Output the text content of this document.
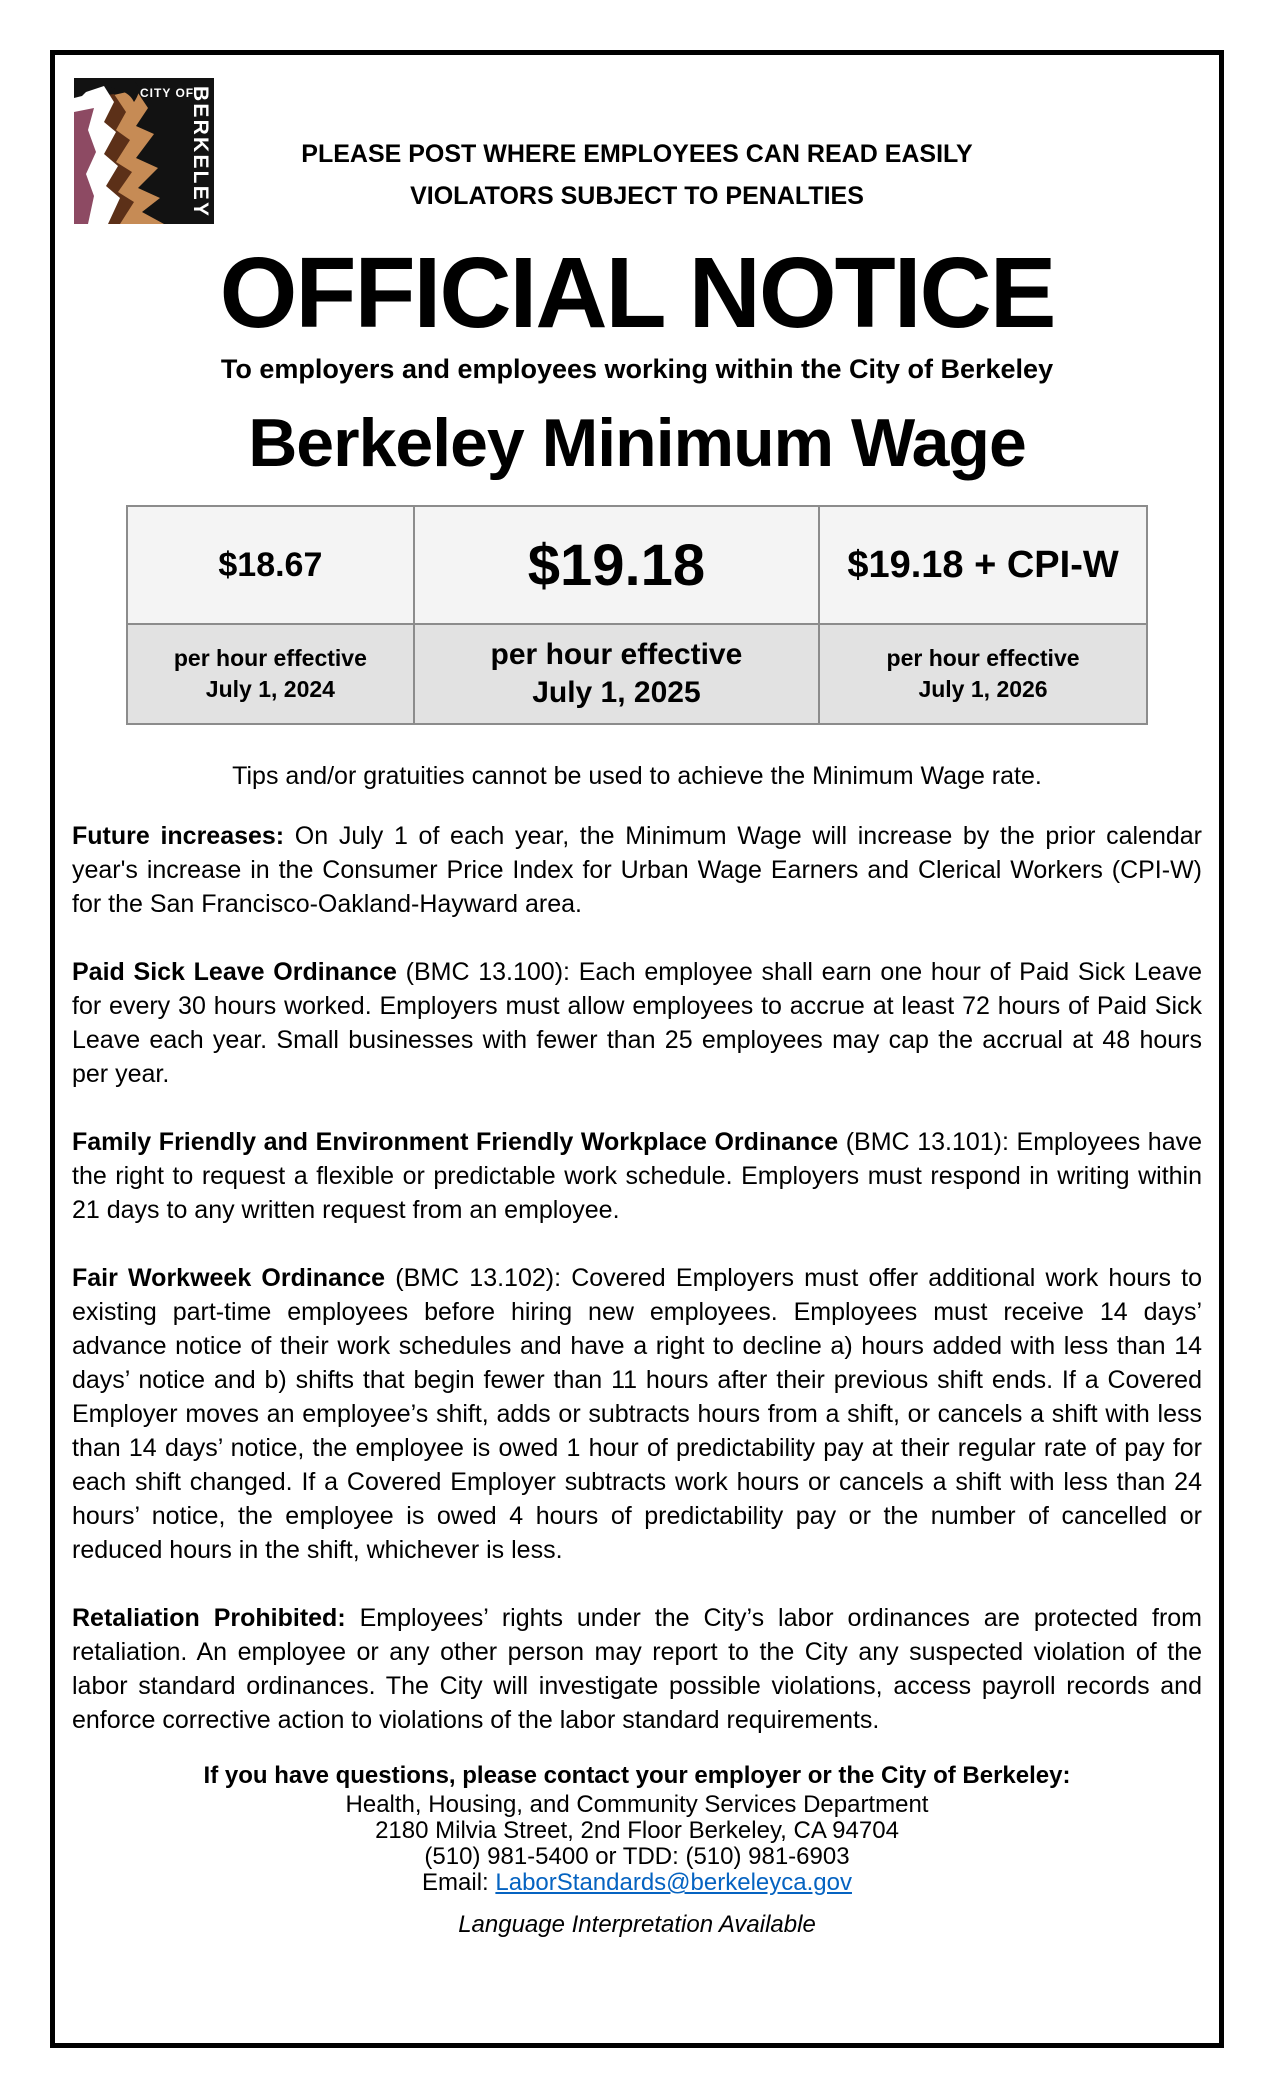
CITY OF
BERKELEY
PLEASE POST WHERE EMPLOYEES CAN READ EASILY
VIOLATORS SUBJECT TO PENALTIES
OFFICIAL NOTICE
To employers and employees working within the City of Berkeley
Berkeley Minimum Wage
$18.67	$19.18	$19.18 + CPI-W

per hour effective
July 1, 2024

per hour effective
July 1, 2025

per hour effective
July 1, 2026

Tips and/or gratuities cannot be used to achieve the Minimum Wage rate.

Future increases: On July 1 of each year, the Minimum Wage will increase by the prior calendar year's increase in the Consumer Price Index for Urban Wage Earners and Clerical Workers (CPI-W) for the San Francisco-Oakland-Hayward area.

Paid Sick Leave Ordinance (BMC 13.100): Each employee shall earn one hour of Paid Sick Leave for every 30 hours worked. Employers must allow employees to accrue at least 72 hours of Paid Sick Leave each year. Small businesses with fewer than 25 employees may cap the accrual at 48 hours per year.

Family Friendly and Environment Friendly Workplace Ordinance (BMC 13.101): Employees have the right to request a flexible or predictable work schedule. Employers must respond in writing within 21 days to any written request from an employee.

Fair Workweek Ordinance (BMC 13.102): Covered Employers must offer additional work hours to existing part-time employees before hiring new employees. Employees must receive 14 days’ advance notice of their work schedules and have a right to decline a) hours added with less than 14 days’ notice and b) shifts that begin fewer than 11 hours after their previous shift ends. If a Covered Employer moves an employee’s shift, adds or subtracts hours from a shift, or cancels a shift with less than 14 days’ notice, the employee is owed 1 hour of predictability pay at their regular rate of pay for each shift changed. If a Covered Employer subtracts work hours or cancels a shift with less than 24 hours’ notice, the employee is owed 4 hours of predictability pay or the number of cancelled or reduced hours in the shift, whichever is less.

Retaliation Prohibited: Employees’ rights under the City’s labor ordinances are protected from retaliation. An employee or any other person may report to the City any suspected violation of the labor standard ordinances. The City will investigate possible violations, access payroll records and enforce corrective action to violations of the labor standard requirements.

If you have questions, please contact your employer or the City of Berkeley:
Health, Housing, and Community Services Department
2180 Milvia Street, 2nd Floor Berkeley, CA 94704
(510) 981-5400 or TDD: (510) 981-6903
Email: LaborStandards@berkeleyca.gov
Language Interpretation Available
